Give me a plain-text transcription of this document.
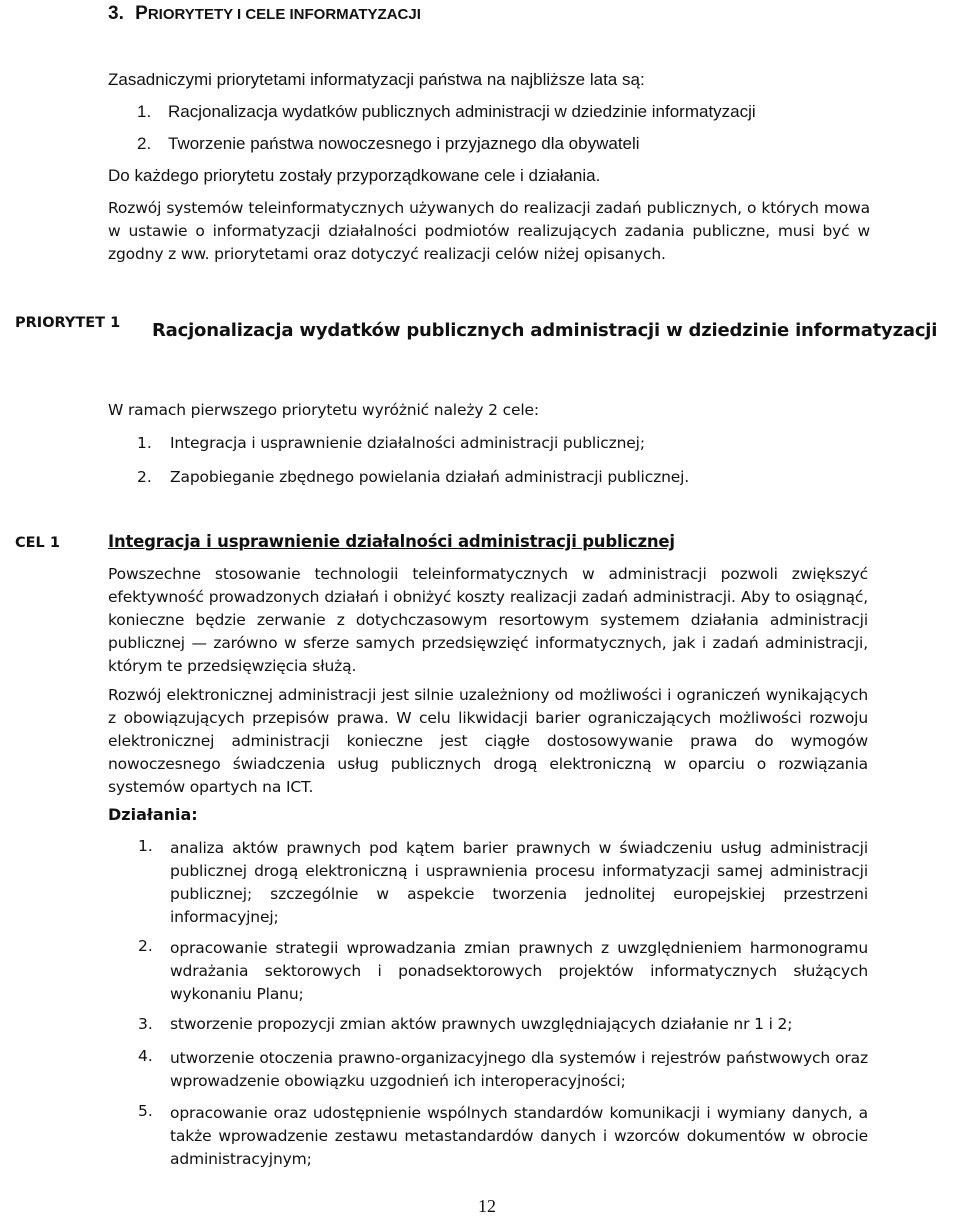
3. PRIORYTETY I CELE INFORMATYZACJI
Zasadniczymi priorytetami informatyzacji państwa na najbliższe lata są:
1. Racjonalizacja wydatków publicznych administracji w dziedzinie informatyzacji
2. Tworzenie państwa nowoczesnego i przyjaznego dla obywateli
Do każdego priorytetu zostały przyporządkowane cele i działania.
Rozwój systemów teleinformatycznych używanych do realizacji zadań publicznych, o których mowa w ustawie o informatyzacji działalności podmiotów realizujących zadania publiczne, musi być w zgodny z ww. priorytetami oraz dotyczyć realizacji celów niżej opisanych.
PRIORYTET 1 Racjonalizacja wydatków publicznych administracji w dziedzinie informatyzacji
W ramach pierwszego priorytetu wyróżnić należy 2 cele:
1. Integracja i usprawnienie działalności administracji publicznej;
2. Zapobieganie zbędnego powielania działań administracji publicznej.
CEL 1	Integracja i usprawnienie działalności administracji publicznej
Powszechne stosowanie technologii teleinformatycznych w administracji pozwoli zwiększyć efektywność prowadzonych działań i obniżyć koszty realizacji zadań administracji. Aby to osiągnąć, konieczne będzie zerwanie z dotychczasowym resortowym systemem działania administracji publicznej — zarówno w sferze samych przedsięwzięć informatycznych, jak i zadań administracji, którym te przedsięwzięcia służą.
Rozwój elektronicznej administracji jest silnie uzależniony od możliwości i ograniczeń wynikających z obowiązujących przepisów prawa. W celu likwidacji barier ograniczających możliwości rozwoju elektronicznej administracji konieczne jest ciągłe dostosowywanie prawa do wymogów nowoczesnego świadczenia usług publicznych drogą elektroniczną w oparciu o rozwiązania systemów opartych na ICT.
Działania:
1. analiza aktów prawnych pod kątem barier prawnych w świadczeniu usług administracji publicznej drogą elektroniczną i usprawnienia procesu informatyzacji samej administracji publicznej; szczególnie w aspekcie tworzenia jednolitej europejskiej przestrzeni informacyjnej;
2. opracowanie strategii wprowadzania zmian prawnych z uwzględnieniem harmonogramu wdrażania sektorowych i ponadsektorowych projektów informatycznych służących wykonaniu Planu;
3. stworzenie propozycji zmian aktów prawnych uwzględniających działanie nr 1 i 2;
4. utworzenie otoczenia prawno-organizacyjnego dla systemów i rejestrów państwowych oraz wprowadzenie obowiązku uzgodnień ich interoperacyjności;
5. opracowanie oraz udostępnienie wspólnych standardów komunikacji i wymiany danych, a także wprowadzenie zestawu metastandardów danych i wzorców dokumentów w obrocie administracyjnym;
12
